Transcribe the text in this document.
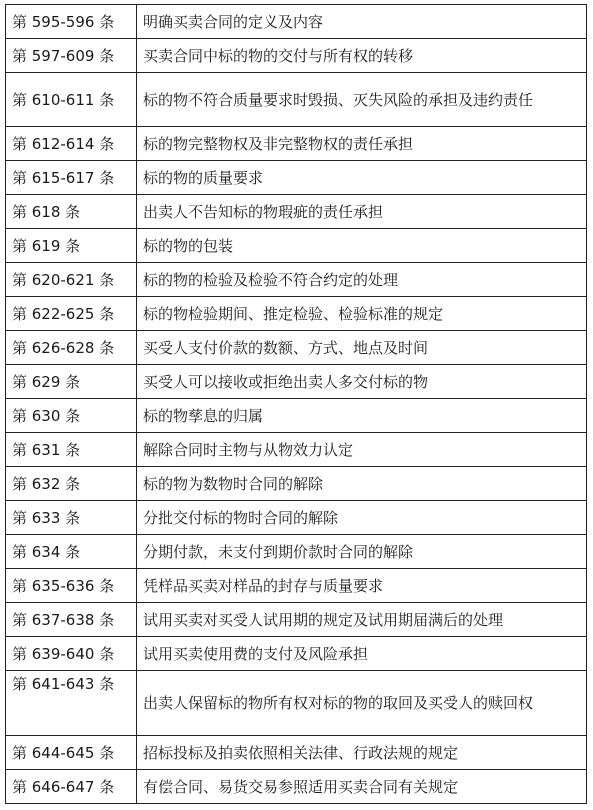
第 595-596 条	明确买卖合同的定义及内容
第 597-609 条	买卖合同中标的物的交付与所有权的转移
第 610-611 条	标的物不符合质量要求时毁损、灭失风险的承担及违约责任
第 612-614 条	标的物完整物权及非完整物权的责任承担
第 615-617 条	标的物的质量要求
第 618 条	出卖人不告知标的物瑕疵的责任承担
第 619 条	标的物的包装
第 620-621 条	标的物的检验及检验不符合约定的处理
第 622-625 条	标的物检验期间、推定检验、检验标准的规定
第 626-628 条	买受人支付价款的数额、方式、地点及时间
第 629 条	买受人可以接收或拒绝出卖人多交付标的物
第 630 条	标的物孳息的归属
第 631 条	解除合同时主物与从物效力认定
第 632 条	标的物为数物时合同的解除
第 633 条	分批交付标的物时合同的解除
第 634 条	分期付款，未支付到期价款时合同的解除
第 635-636 条	凭样品买卖对样品的封存与质量要求
第 637-638 条	试用买卖对买受人试用期的规定及试用期届满后的处理
第 639-640 条	试用买卖使用费的支付及风险承担
第 641-643 条	出卖人保留标的物所有权对标的物的取回及买受人的赎回权
第 644-645 条	招标投标及拍卖依照相关法律、行政法规的规定
第 646-647 条	有偿合同、易货交易参照适用买卖合同有关规定
